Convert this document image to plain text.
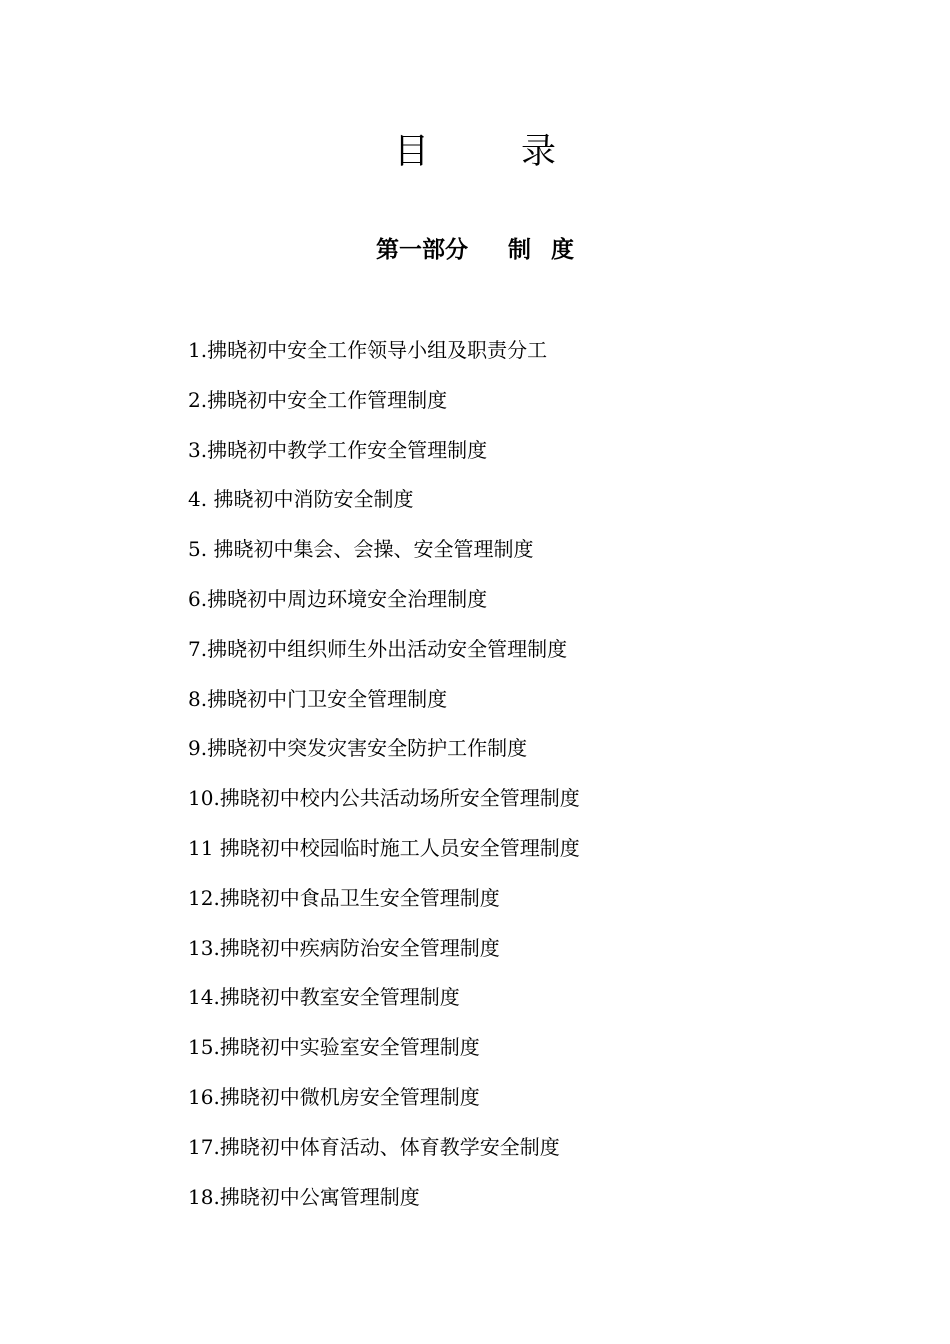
目	录
第一部分 制 度
1.拂晓初中安全工作领导小组及职责分工
2.拂晓初中安全工作管理制度
3.拂晓初中教学工作安全管理制度
4. 拂晓初中消防安全制度
5. 拂晓初中集会、会操、安全管理制度
6.拂晓初中周边环境安全治理制度
7.拂晓初中组织师生外出活动安全管理制度
8.拂晓初中门卫安全管理制度
9.拂晓初中突发灾害安全防护工作制度
10.拂晓初中校内公共活动场所安全管理制度
11 拂晓初中校园临时施工人员安全管理制度
12.拂晓初中食品卫生安全管理制度
13.拂晓初中疾病防治安全管理制度
14.拂晓初中教室安全管理制度
15.拂晓初中实验室安全管理制度
16.拂晓初中微机房安全管理制度
17.拂晓初中体育活动、体育教学安全制度
18.拂晓初中公寓管理制度
